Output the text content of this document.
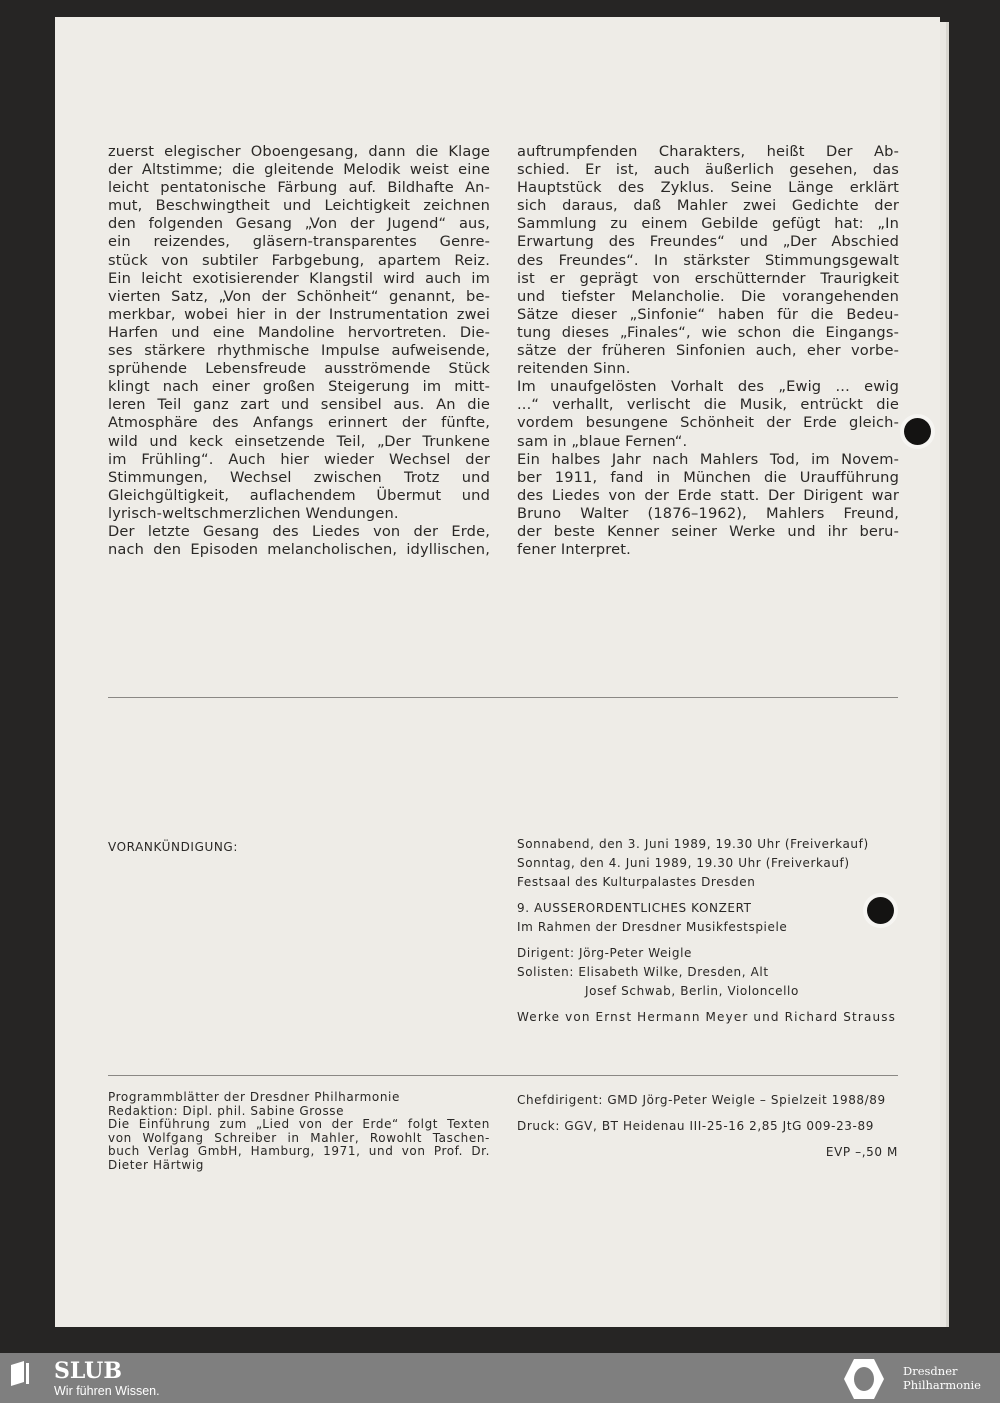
zuerst elegischer Oboengesang, dann die Klage
der Altstimme; die gleitende Melodik weist eine
leicht pentatonische Färbung auf. Bildhafte An-
mut, Beschwingtheit und Leichtigkeit zeichnen
den folgenden Gesang „Von der Jugend“ aus,
ein reizendes, gläsern-transparentes Genre-
stück von subtiler Farbgebung, apartem Reiz.
Ein leicht exotisierender Klangstil wird auch im
vierten Satz, „Von der Schönheit“ genannt, be-
merkbar, wobei hier in der Instrumentation zwei
Harfen und eine Mandoline hervortreten. Die-
ses stärkere rhythmische Impulse aufweisende,
sprühende Lebensfreude ausströmende Stück
klingt nach einer großen Steigerung im mitt-
leren Teil ganz zart und sensibel aus. An die
Atmosphäre des Anfangs erinnert der fünfte,
wild und keck einsetzende Teil, „Der Trunkene
im Frühling“. Auch hier wieder Wechsel der
Stimmungen, Wechsel zwischen Trotz und
Gleichgültigkeit, auflachendem Übermut und
lyrisch-weltschmerzlichen Wendungen.
Der letzte Gesang des Liedes von der Erde,
nach den Episoden melancholischen, idyllischen,
auftrumpfenden Charakters, heißt Der Ab-
schied. Er ist, auch äußerlich gesehen, das
Hauptstück des Zyklus. Seine Länge erklärt
sich daraus, daß Mahler zwei Gedichte der
Sammlung zu einem Gebilde gefügt hat: „In
Erwartung des Freundes“ und „Der Abschied
des Freundes“. In stärkster Stimmungsgewalt
ist er geprägt von erschütternder Traurigkeit
und tiefster Melancholie. Die vorangehenden
Sätze dieser „Sinfonie“ haben für die Bedeu-
tung dieses „Finales“, wie schon die Eingangs-
sätze der früheren Sinfonien auch, eher vorbe-
reitenden Sinn.
Im unaufgelösten Vorhalt des „Ewig ... ewig
...“ verhallt, verlischt die Musik, entrückt die
vordem besungene Schönheit der Erde gleich-
sam in „blaue Fernen“.
Ein halbes Jahr nach Mahlers Tod, im Novem-
ber 1911, fand in München die Uraufführung
des Liedes von der Erde statt. Der Dirigent war
Bruno Walter (1876–1962), Mahlers Freund,
der beste Kenner seiner Werke und ihr beru-
fener Interpret.
VORANKÜNDIGUNG:	Sonnabend, den 3. Juni 1989, 19.30 Uhr (Freiverkauf)
Sonntag, den 4. Juni 1989, 19.30 Uhr (Freiverkauf)
Festsaal des Kulturpalastes Dresden
9. AUSSERORDENTLICHES KONZERT
Im Rahmen der Dresdner Musikfestspiele
Dirigent: Jörg-Peter Weigle
Solisten: Elisabeth Wilke, Dresden, Alt
Josef Schwab, Berlin, Violoncello
Werke von Ernst Hermann Meyer und Richard Strauss
Programmblätter der Dresdner Philharmonie
Redaktion: Dipl. phil. Sabine Grosse
Die Einführung zum „Lied von der Erde“ folgt Texten
von Wolfgang Schreiber in Mahler, Rowohlt Taschen-
buch Verlag GmbH, Hamburg, 1971, und von Prof. Dr.
Dieter Härtwig
Chefdirigent: GMD Jörg-Peter Weigle – Spielzeit 1988/89
Druck: GGV, BT Heidenau III-25-16 2,85 JtG 009-23-89
EVP –,50 M
SLUB
Wir führen Wissen.
Dresdner
Philharmonie
